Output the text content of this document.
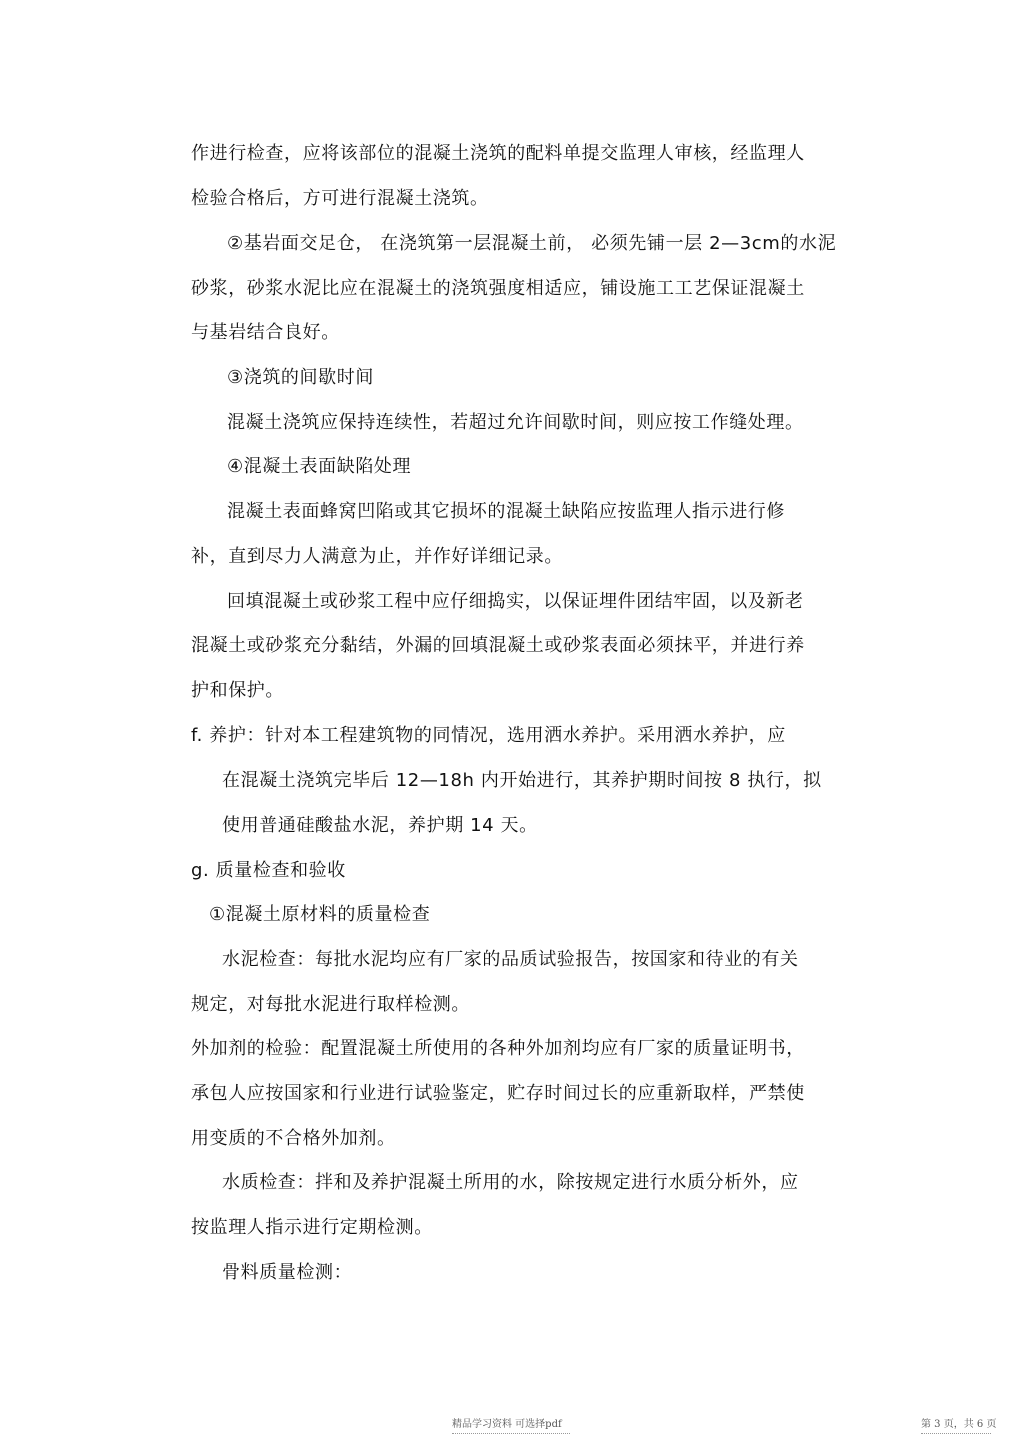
作进行检查，应将该部位的混凝土浇筑的配料单提交监理人审核，经监理人
检验合格后，方可进行混凝土浇筑。
②基岩面交足仓， 在浇筑第一层混凝土前， 必须先铺一层 2—3cm的水泥
砂浆，砂浆水泥比应在混凝土的浇筑强度相适应，铺设施工工艺保证混凝土
与基岩结合良好。
③浇筑的间歇时间
混凝土浇筑应保持连续性，若超过允许间歇时间，则应按工作缝处理。
④混凝土表面缺陷处理
混凝土表面蜂窝凹陷或其它损坏的混凝土缺陷应按监理人指示进行修
补，直到尽力人满意为止，并作好详细记录。
回填混凝土或砂浆工程中应仔细捣实，以保证埋件团结牢固，以及新老
混凝土或砂浆充分黏结，外漏的回填混凝土或砂浆表面必须抹平，并进行养
护和保护。
f. 养护：针对本工程建筑物的同情况，选用洒水养护。采用洒水养护，应
在混凝土浇筑完毕后 12—18h 内开始进行，其养护期时间按 8 执行，拟
使用普通硅酸盐水泥，养护期 14 天。
g. 质量检查和验收
①混凝土原材料的质量检查
水泥检查：每批水泥均应有厂家的品质试验报告，按国家和待业的有关
规定，对每批水泥进行取样检测。
外加剂的检验：配置混凝土所使用的各种外加剂均应有厂家的质量证明书，
承包人应按国家和行业进行试验鉴定，贮存时间过长的应重新取样，严禁使
用变质的不合格外加剂。
水质检查：拌和及养护混凝土所用的水，除按规定进行水质分析外，应
按监理人指示进行定期检测。
骨料质量检测：
精品学习资料 可选择pdf	第 3 页，共 6 页
